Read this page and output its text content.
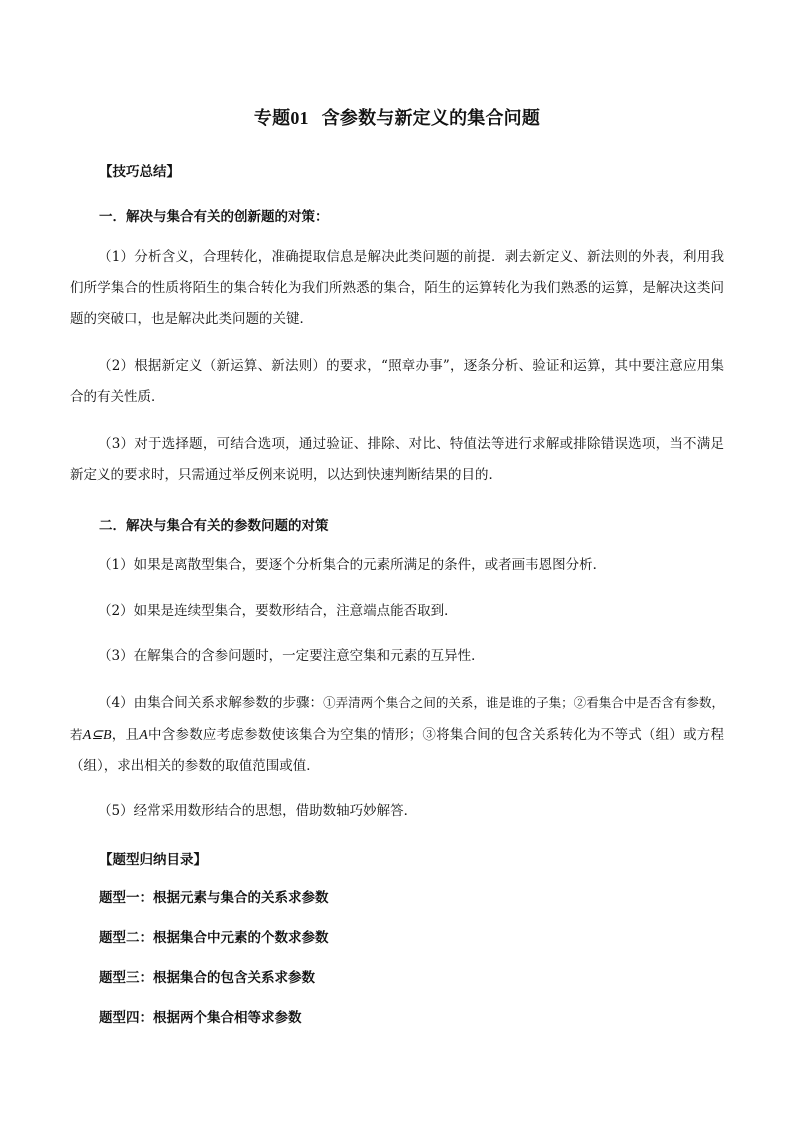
专题01 含参数与新定义的集合问题
【技巧总结】
一．解决与集合有关的创新题的对策：
（1）分析含义，合理转化，准确提取信息是解决此类问题的前提．剥去新定义、新法则的外表，利用我们所学集合的性质将陌生的集合转化为我们所熟悉的集合，陌生的运算转化为我们熟悉的运算，是解决这类问题的突破口，也是解决此类问题的关键．
（2）根据新定义（新运算、新法则）的要求，“照章办事”，逐条分析、验证和运算，其中要注意应用集合的有关性质．
（3）对于选择题，可结合选项，通过验证、排除、对比、特值法等进行求解或排除错误选项，当不满足新定义的要求时，只需通过举反例来说明，以达到快速判断结果的目的．
二．解决与集合有关的参数问题的对策
（1）如果是离散型集合，要逐个分析集合的元素所满足的条件，或者画韦恩图分析．
（2）如果是连续型集合，要数形结合，注意端点能否取到．
（3）在解集合的含参问题时，一定要注意空集和元素的互异性．
（4）由集合间关系求解参数的步骤：①弄清两个集合之间的关系，谁是谁的子集；②看集合中是否含有参数，若A⊆B，且A中含参数应考虑参数使该集合为空集的情形；③将集合间的包含关系转化为不等式（组）或方程（组），求出相关的参数的取值范围或值．
（5）经常采用数形结合的思想，借助数轴巧妙解答．
【题型归纳目录】
题型一：根据元素与集合的关系求参数
题型二：根据集合中元素的个数求参数
题型三：根据集合的包含关系求参数
题型四：根据两个集合相等求参数
